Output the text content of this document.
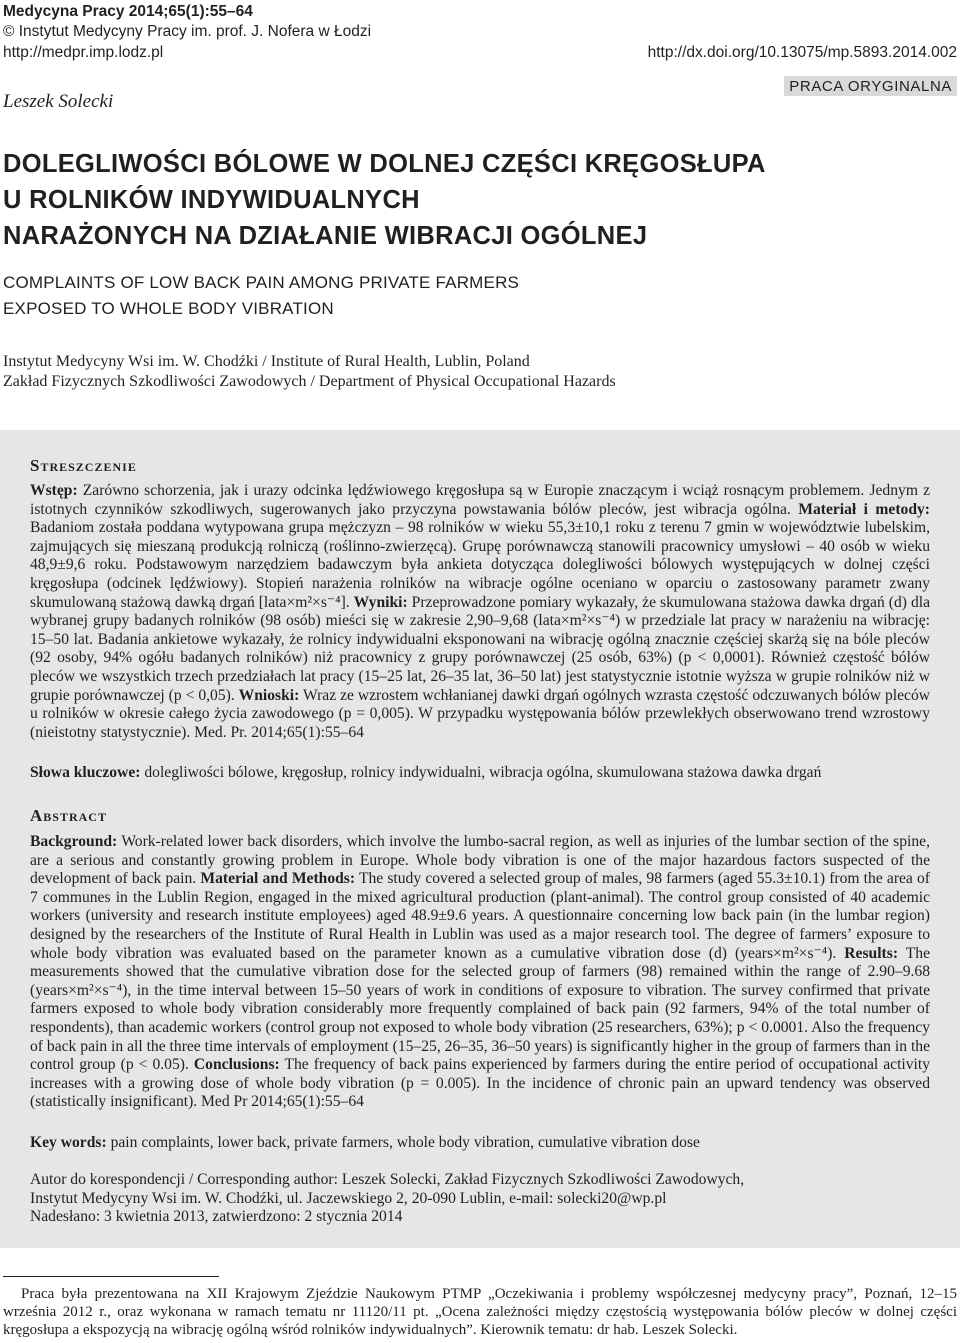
Medycyna Pracy 2014;65(1):55–64
© Instytut Medycyny Pracy im. prof. J. Nofera w Łodzi
http://medpr.imp.lodz.pl	http://dx.doi.org/10.13075/mp.5893.2014.002
PRACA ORYGINALNA
Leszek Solecki
DOLEGLIWOŚCI BÓLOWE W DOLNEJ CZĘŚCI KRĘGOSŁUPA
U ROLNIKÓW INDYWIDUALNYCH
NARAŻONYCH NA DZIAŁANIE WIBRACJI OGÓLNEJ
COMPLAINTS OF LOW BACK PAIN AMONG PRIVATE FARMERS
EXPOSED TO WHOLE BODY VIBRATION
Instytut Medycyny Wsi im. W. Chodźki / Institute of Rural Health, Lublin, Poland
Zakład Fizycznych Szkodliwości Zawodowych / Department of Physical Occupational Hazards
Streszczenie
Wstęp: Zarówno schorzenia, jak i urazy odcinka lędźwiowego kręgosłupa są w Europie znaczącym i wciąż rosnącym problemem. Jednym z istotnych czynników szkodliwych, sugerowanych jako przyczyna powstawania bólów pleców, jest wibracja ogólna. Materiał i metody: Badaniom została poddana wytypowana grupa mężczyzn – 98 rolników w wieku 55,3±10,1 roku z terenu 7 gmin w województwie lubelskim, zajmujących się mieszaną produkcją rolniczą (roślinno-zwierzęcą). Grupę porównawczą stanowili pracownicy umysłowi – 40 osób w wieku 48,9±9,6 roku. Podstawowym narzędziem badawczym była ankieta dotycząca dolegliwości bólowych występujących w dolnej części kręgosłupa (odcinek lędźwiowy). Stopień narażenia rolników na wibracje ogólne oceniano w oparciu o zastosowany parametr zwany skumulowaną stażową dawką drgań [lata×m²×s⁻⁴]. Wyniki: Przeprowadzone pomiary wykazały, że skumulowana stażowa dawka drgań (d) dla wybranej grupy badanych rolników (98 osób) mieści się w zakresie 2,90–9,68 (lata×m²×s⁻⁴) w przedziale lat pracy w narażeniu na wibrację: 15–50 lat. Badania ankietowe wykazały, że rolnicy indywidualni eksponowani na wibrację ogólną znacznie częściej skarżą się na bóle pleców (92 osoby, 94% ogółu badanych rolników) niż pracownicy z grupy porównawczej (25 osób, 63%) (p < 0,0001). Również częstość bólów pleców we wszystkich trzech przedziałach lat pracy (15–25 lat, 26–35 lat, 36–50 lat) jest statystycznie istotnie wyższa w grupie rolników niż w grupie porównawczej (p < 0,05). Wnioski: Wraz ze wzrostem wchłanianej dawki drgań ogólnych wzrasta częstość odczuwanych bólów pleców u rolników w okresie całego życia zawodowego (p = 0,005). W przypadku występowania bólów przewlekłych obserwowano trend wzrostowy (nieistotny statystycznie). Med. Pr. 2014;65(1):55–64
Słowa kluczowe: dolegliwości bólowe, kręgosłup, rolnicy indywidualni, wibracja ogólna, skumulowana stażowa dawka drgań
Abstract
Background: Work-related lower back disorders, which involve the lumbo-sacral region, as well as injuries of the lumbar section of the spine, are a serious and constantly growing problem in Europe. Whole body vibration is one of the major hazardous factors suspected of the development of back pain. Material and Methods: The study covered a selected group of males, 98 farmers (aged 55.3±10.1) from the area of 7 communes in the Lublin Region, engaged in the mixed agricultural production (plant-animal). The control group consisted of 40 academic workers (university and research institute employees) aged 48.9±9.6 years. A questionnaire concerning low back pain (in the lumbar region) designed by the researchers of the Institute of Rural Health in Lublin was used as a major research tool. The degree of farmers’ exposure to whole body vibration was evaluated based on the parameter known as a cumulative vibration dose (d) (years×m²×s⁻⁴). Results: The measurements showed that the cumulative vibration dose for the selected group of farmers (98) remained within the range of 2.90–9.68 (years×m²×s⁻⁴), in the time interval between 15–50 years of work in conditions of exposure to vibration. The survey confirmed that private farmers exposed to whole body vibration considerably more frequently complained of back pain (92 farmers, 94% of the total number of respondents), than academic workers (control group not exposed to whole body vibration (25 researchers, 63%); p < 0.0001. Also the frequency of back pain in all the three time intervals of employment (15–25, 26–35, 36–50 years) is significantly higher in the group of farmers than in the control group (p < 0.05). Conclusions: The frequency of back pains experienced by farmers during the entire period of occupational activity increases with a growing dose of whole body vibration (p = 0.005). In the incidence of chronic pain an upward tendency was observed (statistically insignificant). Med Pr 2014;65(1):55–64
Key words: pain complaints, lower back, private farmers, whole body vibration, cumulative vibration dose
Autor do korespondencji / Corresponding author: Leszek Solecki, Zakład Fizycznych Szkodliwości Zawodowych,
Instytut Medycyny Wsi im. W. Chodźki, ul. Jaczewskiego 2, 20-090 Lublin, e-mail: solecki20@wp.pl
Nadesłano: 3 kwietnia 2013, zatwierdzono: 2 stycznia 2014
Praca była prezentowana na XII Krajowym Zjeździe Naukowym PTMP „Oczekiwania i problemy współczesnej medycyny pracy”, Poznań, 12–15 września 2012 r., oraz wykonana w ramach tematu nr 11120/11 pt. „Ocena zależności między częstością występowania bólów pleców w dolnej części kręgosłupa a ekspozycją na wibrację ogólną wśród rolników indywidualnych”. Kierownik tematu: dr hab. Leszek Solecki.
